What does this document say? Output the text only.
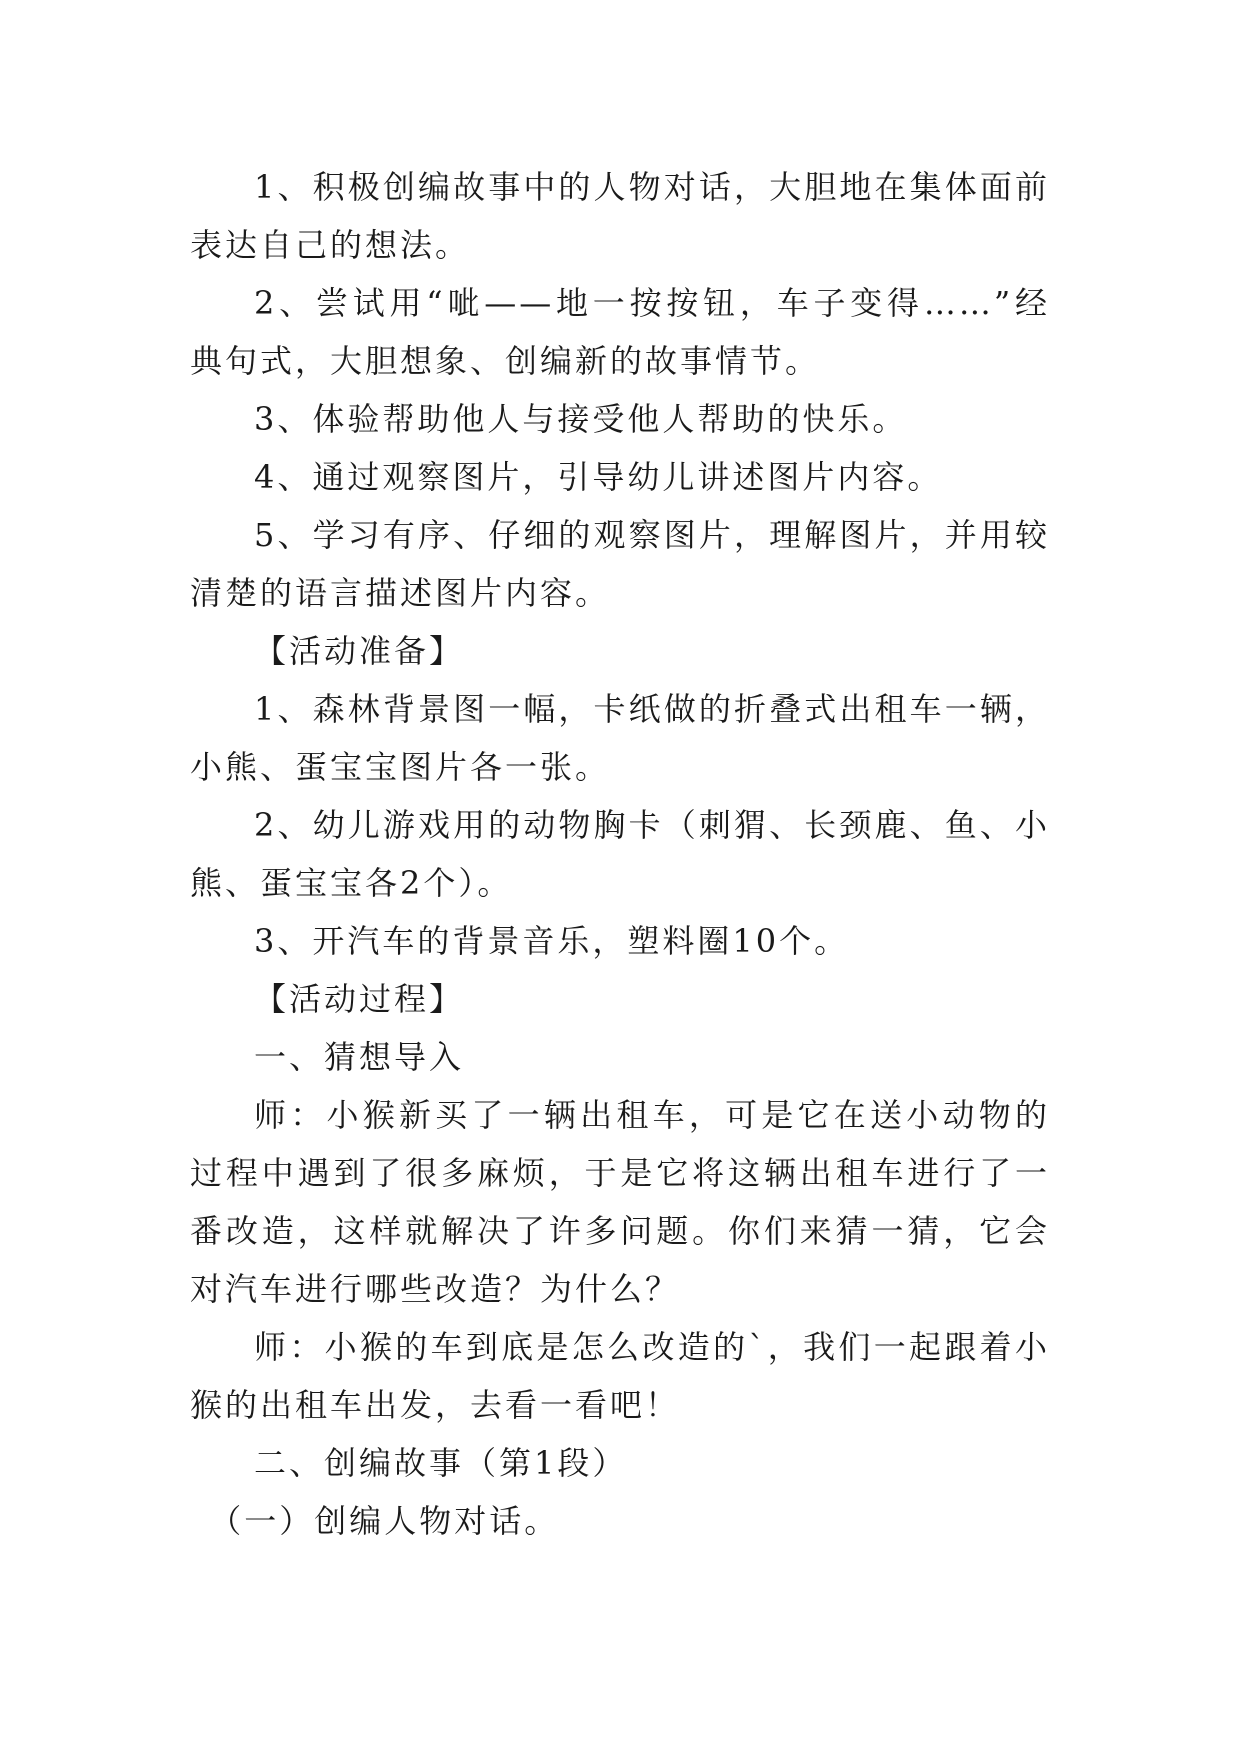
1、积极创编故事中的人物对话，大胆地在集体面前表达自己的想法。

2、尝试用“呲——地一按按钮，车子变得……”经典句式，大胆想象、创编新的故事情节。

3、体验帮助他人与接受他人帮助的快乐。

4、通过观察图片，引导幼儿讲述图片内容。

5、学习有序、仔细的观察图片，理解图片，并用较清楚的语言描述图片内容。

【活动准备】

1、森林背景图一幅，卡纸做的折叠式出租车一辆，小熊、蛋宝宝图片各一张。

2、幼儿游戏用的动物胸卡（刺猬、长颈鹿、鱼、小熊、蛋宝宝各2个）。

3、开汽车的背景音乐，塑料圈10个。

【活动过程】

一、猜想导入

师：小猴新买了一辆出租车，可是它在送小动物的过程中遇到了很多麻烦，于是它将这辆出租车进行了一番改造，这样就解决了许多问题。你们来猜一猜，它会对汽车进行哪些改造？为什么？

师：小猴的车到底是怎么改造的`，我们一起跟着小猴的出租车出发，去看一看吧！

二、创编故事（第1段）

（一）创编人物对话。
